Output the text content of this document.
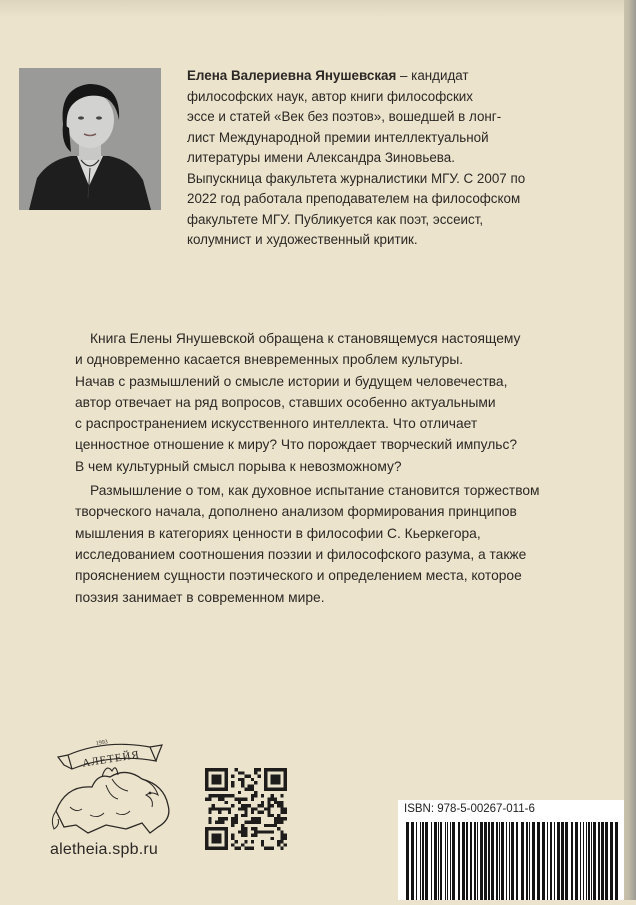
Елена Валериевна Янушевская – кандидат
философских наук, автор книги философских
эссе и статей «Век без поэтов», вошедшей в лонг-
лист Международной премии интеллектуальной
литературы имени Александра Зиновьева.
Выпускница факультета журналистики МГУ. С 2007 по
2022 год работала преподавателем на философском
факультете МГУ. Публикуется как поэт, эссеист,
колумнист и художественный критик.

Книга Елены Янушевской обращена к становящемуся настоящему
и одновременно касается вневременных проблем культуры.
Начав с размышлений о смысле истории и будущем человечества,
автор отвечает на ряд вопросов, ставших особенно актуальными
с распространением искусственного интеллекта. Что отличает
ценностное отношение к миру? Что порождает творческий импульс?
В чем культурный смысл порыва к невозможному?

Размышление о том, как духовное испытание становится торжеством
творческого начала, дополнено анализом формирования принципов
мышления в категориях ценности в философии С. Кьеркегора,
исследованием соотношения поэзии и философского разума, а также
прояснением сущности поэтического и определением места, которое
поэзия занимает в современном мире.

1993
АЛЕТЕЙЯ
aletheia.spb.ru
ISBN: 978-5-00267-011-6
